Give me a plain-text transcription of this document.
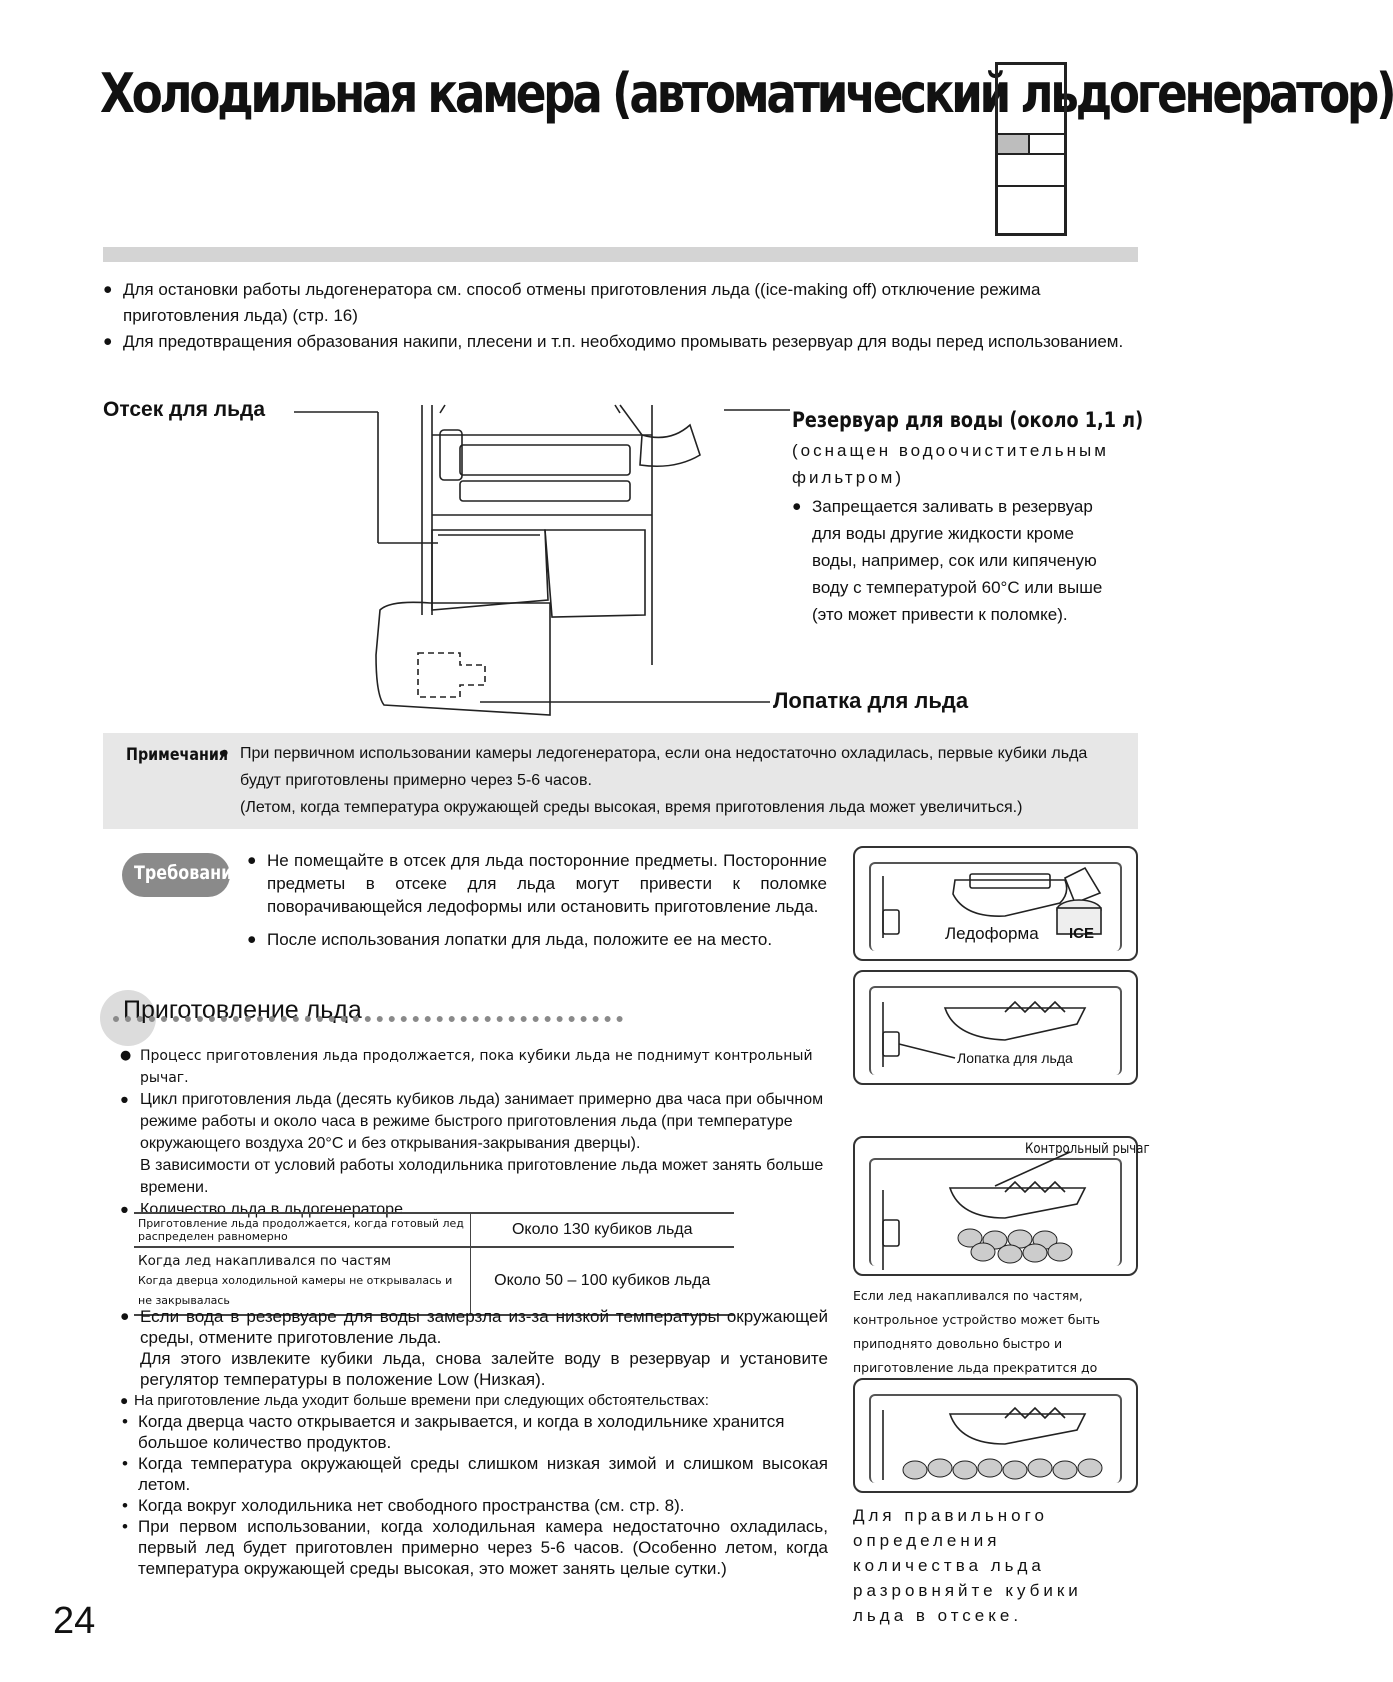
Холодильная камера (автоматический льдогенератор)
● Для остановки работы льдогенератора см. способ отмены приготовления льда ((ice-making off) отключение режима приготовления льда) (стр. 16)
● Для предотвращения образования накипи, плесени и т.п. необходимо промывать резервуар для воды перед использованием.
Отсек для льда	Резервуар для воды (около 1,1 л)
(оснащен водоочистительным фильтром)
● Запрещается заливать в резервуар для воды другие жидкости кроме воды, например, сок или кипяченую воду с температурой 60°С или выше (это может привести к поломке).
Лопатка для льда
Примечания ● При первичном использовании камеры ледогенератора, если она недостаточно охладилась, первые кубики льда будут приготовлены примерно через 5-6 часов.
(Летом, когда температура окружающей среды высокая, время приготовления льда может увеличиться.)
Требования
● Не помещайте в отсек для льда посторонние предметы. Посторонние предметы в отсеке для льда могут привести к поломке поворачивающейся ледоформы или остановить приготовление льда.
● После использования лопатки для льда, положите ее на место.
Приготовление льда
● Процесс приготовления льда продолжается, пока кубики льда не поднимут контрольный рычаг.
● Цикл приготовления льда (десять кубиков льда) занимает примерно два часа при обычном режиме работы и около часа в режиме быстрого приготовления льда (при температуре окружающего воздуха 20°С и без открывания-закрывания дверцы).
В зависимости от условий работы холодильника приготовление льда может занять больше времени.
● Количество льда в льдогенераторе
Приготовление льда продолжается, когда готовый лед распределен равномерно	Около 130 кубиков льда

Когда лед накапливался по частям
Когда дверца холодильной камеры не открывалась и не закрывалась	Около 50 – 100 кубиков льда
● Если вода в резервуаре для воды замерзла из-за низкой температуры окружающей среды, отмените приготовление льда.
Для этого извлеките кубики льда, снова залейте воду в резервуар и установите регулятор температуры в положение Low (Низкая).
● На приготовление льда уходит больше времени при следующих обстоятельствах:
• Когда дверца часто открывается и закрывается, и когда в холодильнике хранится большое количество продуктов.
• Когда температура окружающей среды слишком низкая зимой и слишком высокая летом.
• Когда вокруг холодильника нет свободного пространства (см. стр. 8).
• При первом использовании, когда холодильная камера недостаточно охладилась, первый лед будет приготовлен примерно через 5-6 часов. (Особенно летом, когда температура окружающей среды высокая, это может занять целые сутки.)
Ледоформа ICE
Лопатка для льда
Контрольный рычаг
Если лед накапливался по частям, контрольное устройство может быть приподнято довольно быстро и приготовление льда прекратится до
Для правильного определения количества льда разровняйте кубики льда в отсеке.
24
